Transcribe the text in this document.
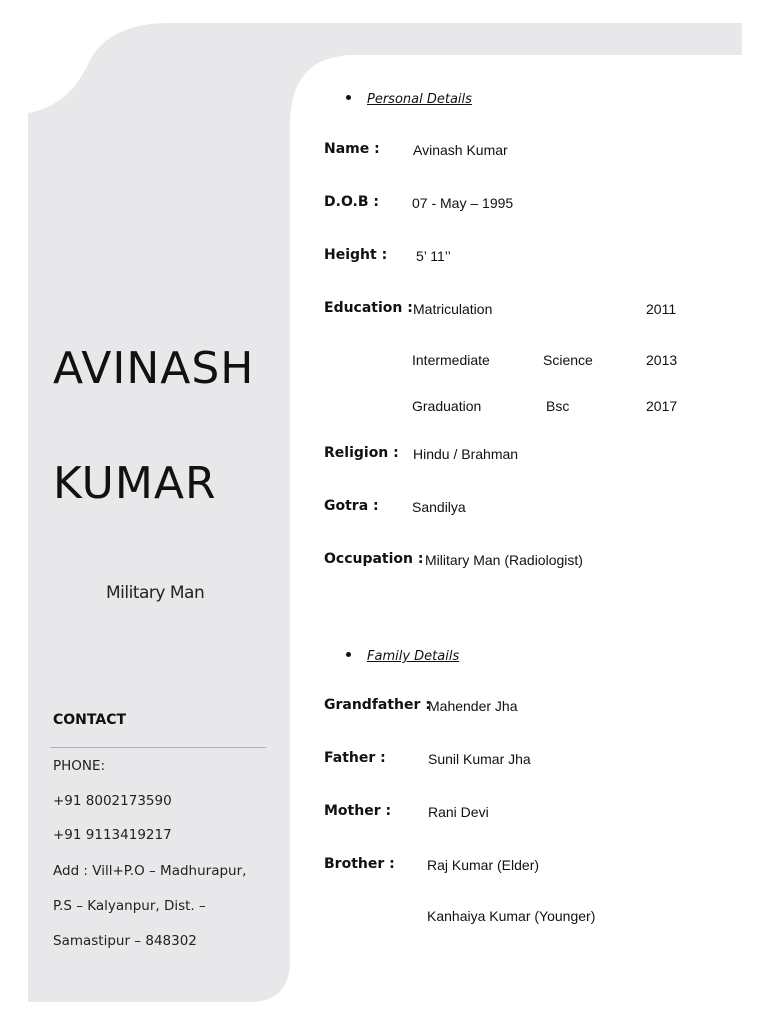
AVINASH
KUMAR
Military Man
CONTACT
PHONE:
+91 8002173590
+91 9113419217
Add : Vill+P.O – Madhurapur,
P.S – Kalyanpur, Dist. –
Samastipur – 848302
Personal Details
Name : Avinash Kumar
D.O.B : 07 - May – 1995
Height : 5’ 11’’
Education : Matriculation	2011
Intermediate	Science	2013
Graduation	Bsc	2017
Religion : Hindu / Brahman
Gotra : Sandilya
Occupation : Military Man (Radiologist)
Family Details
Grandfather :
Mahender Jha
Father :	Sunil Kumar Jha
Mother :	Rani Devi
Brother : Raj Kumar (Elder)
Kanhaiya Kumar (Younger)
